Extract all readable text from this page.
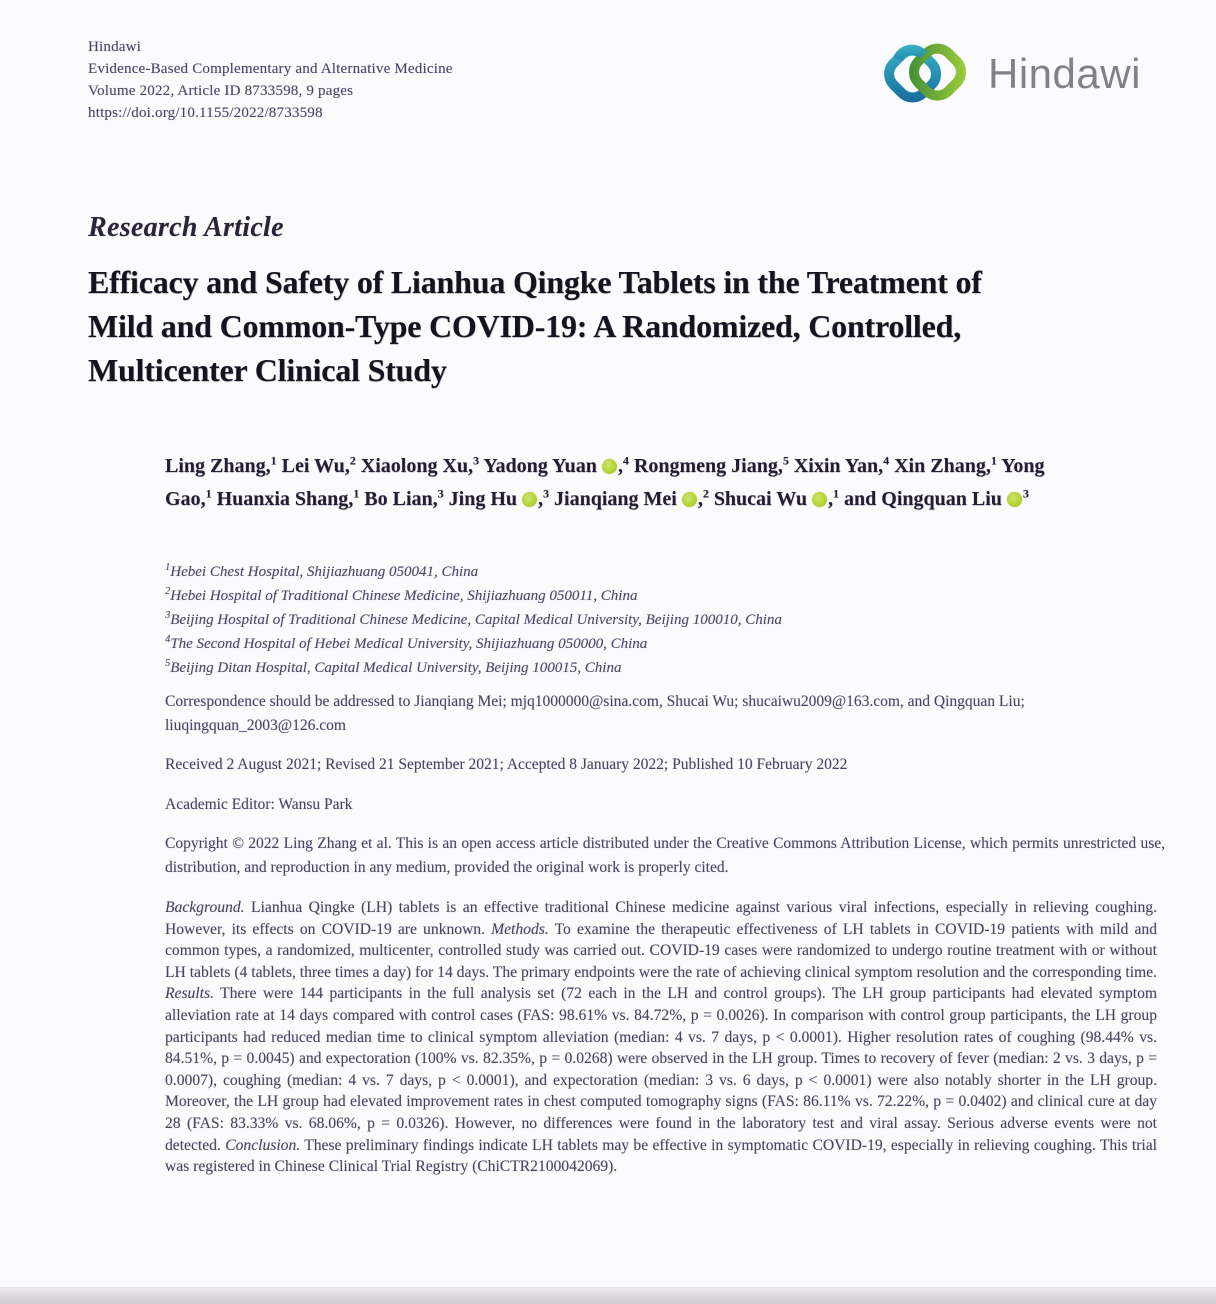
Hindawi
Evidence-Based Complementary and Alternative Medicine
Volume 2022, Article ID 8733598, 9 pages
https://doi.org/10.1155/2022/8733598
Hindawi
Research Article
Efficacy and Safety of Lianhua Qingke Tablets in the Treatment of
Mild and Common-Type COVID-19: A Randomized, Controlled,
Multicenter Clinical Study
Ling Zhang,$^1$ Lei Wu,$^2$ Xiaolong Xu,$^3$ Yadong Yuan ,$^4$ Rongmeng Jiang,$^5$ Xixin Yan,$^4$ Xin Zhang,$^1$ Yong Gao,$^1$ Huanxia Shang,$^1$ Bo Lian,$^3$ Jing Hu ,$^3$ Jianqiang Mei ,$^2$ Shucai Wu ,$^1$ and Qingquan Liu $^3$
$^1$Hebei Chest Hospital, Shijiazhuang 050041, China
$^2$Hebei Hospital of Traditional Chinese Medicine, Shijiazhuang 050011, China
$^3$Beijing Hospital of Traditional Chinese Medicine, Capital Medical University, Beijing 100010, China
$^4$The Second Hospital of Hebei Medical University, Shijiazhuang 050000, China
$^5$Beijing Ditan Hospital, Capital Medical University, Beijing 100015, China

Correspondence should be addressed to Jianqiang Mei; mjq1000000@sina.com, Shucai Wu; shucaiwu2009@163.com, and Qingquan Liu; liuqingquan_2003@126.com

Received 2 August 2021; Revised 21 September 2021; Accepted 8 January 2022; Published 10 February 2022

Academic Editor: Wansu Park

Copyright © 2022 Ling Zhang et al. This is an open access article distributed under the Creative Commons Attribution License, which permits unrestricted use, distribution, and reproduction in any medium, provided the original work is properly cited.

Background. Lianhua Qingke (LH) tablets is an effective traditional Chinese medicine against various viral infections, especially in relieving coughing. However, its effects on COVID-19 are unknown. Methods. To examine the therapeutic effectiveness of LH tablets in COVID-19 patients with mild and common types, a randomized, multicenter, controlled study was carried out. COVID-19 cases were randomized to undergo routine treatment with or without LH tablets (4 tablets, three times a day) for 14 days. The primary endpoints were the rate of achieving clinical symptom resolution and the corresponding time. Results. There were 144 participants in the full analysis set (72 each in the LH and control groups). The LH group participants had elevated symptom alleviation rate at 14 days compared with control cases (FAS: 98.61% vs. 84.72%, p = 0.0026). In comparison with control group participants, the LH group participants had reduced median time to clinical symptom alleviation (median: 4 vs. 7 days, p < 0.0001). Higher resolution rates of coughing (98.44% vs. 84.51%, p = 0.0045) and expectoration (100% vs. 82.35%, p = 0.0268) were observed in the LH group. Times to recovery of fever (median: 2 vs. 3 days, p = 0.0007), coughing (median: 4 vs. 7 days, p < 0.0001), and expectoration (median: 3 vs. 6 days, p < 0.0001) were also notably shorter in the LH group. Moreover, the LH group had elevated improvement rates in chest computed tomography signs (FAS: 86.11% vs. 72.22%, p = 0.0402) and clinical cure at day 28 (FAS: 83.33% vs. 68.06%, p = 0.0326). However, no differences were found in the laboratory test and viral assay. Serious adverse events were not detected. Conclusion. These preliminary findings indicate LH tablets may be effective in symptomatic COVID-19, especially in relieving coughing. This trial was registered in Chinese Clinical Trial Registry (ChiCTR2100042069).
